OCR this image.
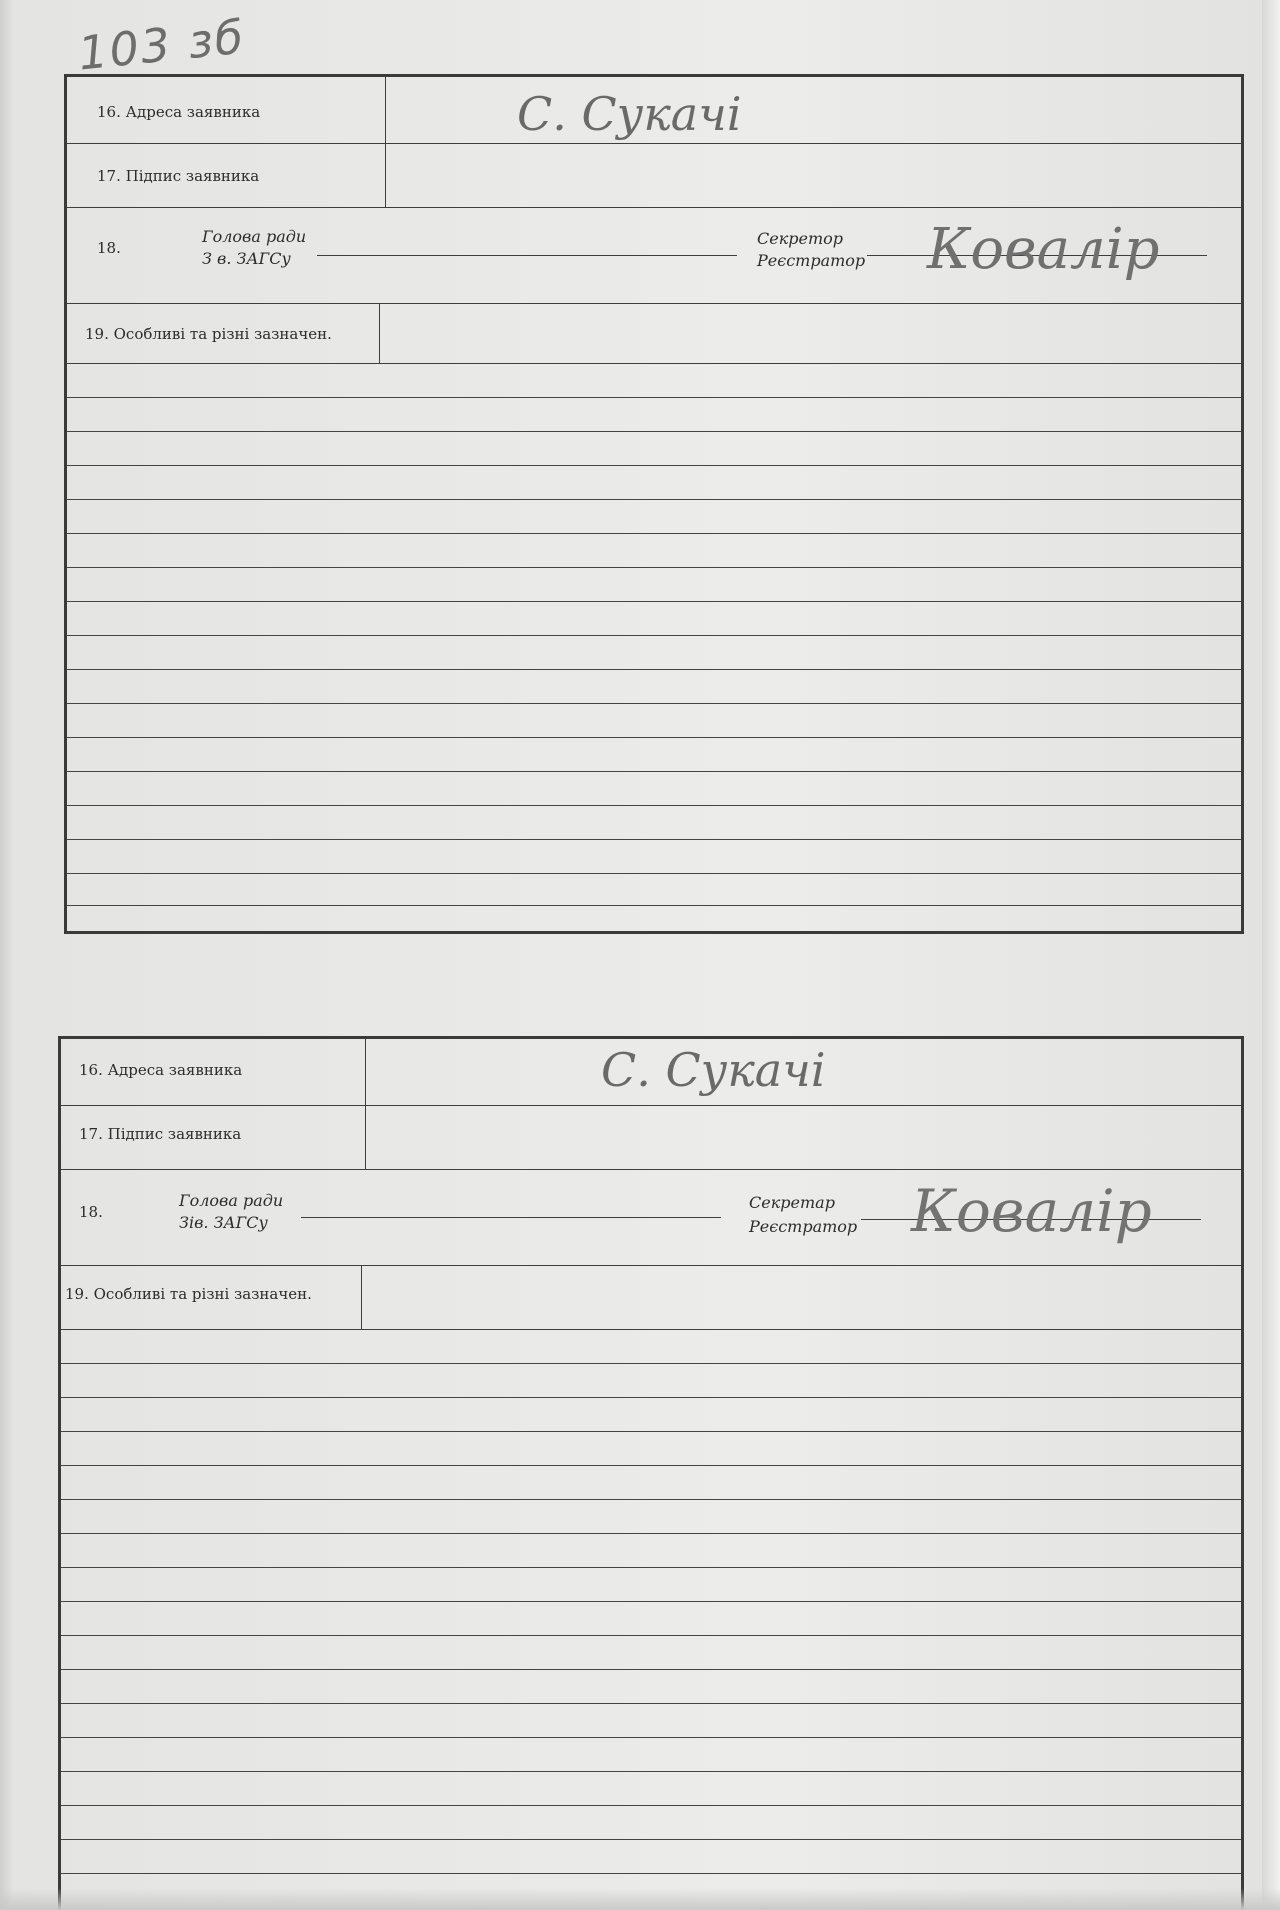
103 зб
16. Адреса заявника	С. Сукачі
17. Підпис заявника
18.
Голова ради
З в. ЗАГСу
Секретор
Реєстратор Ковалір
19. Особливі та різні зазначен.
16. Адреса заявника	С. Сукачі
17. Підпис заявника
18.
Голова ради
Зів. ЗАГСу
Секретар
Реєстратор Ковалір
19. Особливі та різні зазначен.
